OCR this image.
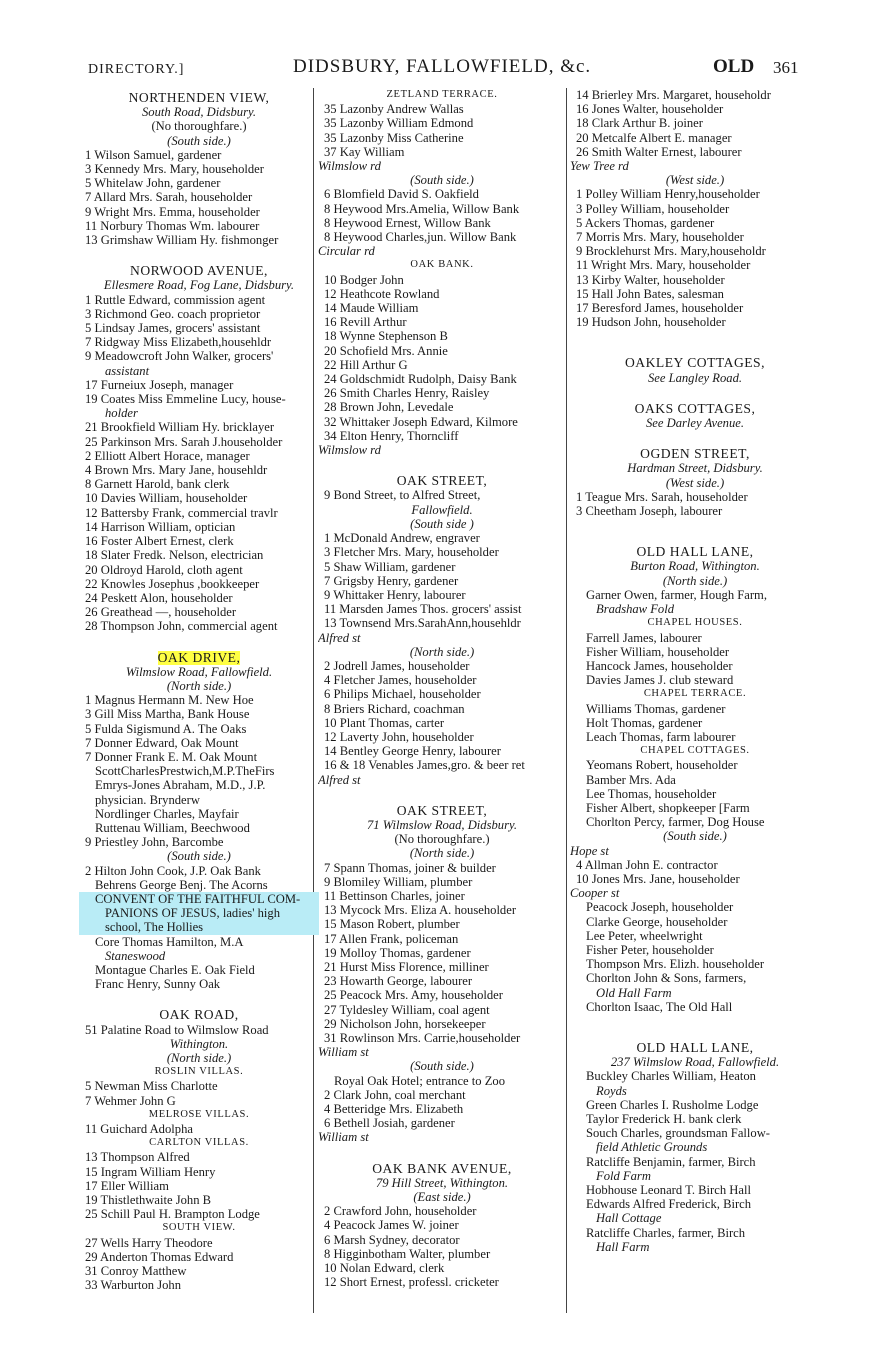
DIRECTORY.]	DIDSBURY, FALLOWFIELD, &c.	OLD 361
NORTHENDEN VIEW,
South Road, Didsbury.
(No thoroughfare.)
(South side.)
1 Wilson Samuel, gardener
3 Kennedy Mrs. Mary, householder
5 Whitelaw John, gardener
7 Allard Mrs. Sarah, householder
9 Wright Mrs. Emma, householder
11 Norbury Thomas Wm. labourer
13 Grimshaw William Hy. fishmonger
NORWOOD AVENUE,
Ellesmere Road, Fog Lane, Didsbury.
1 Ruttle Edward, commission agent
3 Richmond Geo. coach proprietor
5 Lindsay James, grocers' assistant
7 Ridgway Miss Elizabeth,househldr
9 Meadowcroft John Walker, grocers'
assistant
17 Furneiux Joseph, manager
19 Coates Miss Emmeline Lucy, house-
holder
21 Brookfield William Hy. bricklayer
25 Parkinson Mrs. Sarah J.householder
2 Elliott Albert Horace, manager
4 Brown Mrs. Mary Jane, househldr
8 Garnett Harold, bank clerk
10 Davies William, householder
12 Battersby Frank, commercial travlr
14 Harrison William, optician
16 Foster Albert Ernest, clerk
18 Slater Fredk. Nelson, electrician
20 Oldroyd Harold, cloth agent
22 Knowles Josephus ,bookkeeper
24 Peskett Alon, householder
26 Greathead —, householder
28 Thompson John, commercial agent
OAK DRIVE,
Wilmslow Road, Fallowfield.
(North side.)
1 Magnus Hermann M. New Hoe
3 Gill Miss Martha, Bank House
5 Fulda Sigismund A. The Oaks
7 Donner Edward, Oak Mount
7 Donner Frank E. M. Oak Mount
ScottCharlesPrestwich,M.P.TheFirs
Emrys-Jones Abraham, M.D., J.P.
physician. Brynderw
Nordlinger Charles, Mayfair
Ruttenau William, Beechwood
9 Priestley John, Barcombe
(South side.)
2 Hilton John Cook, J.P. Oak Bank
Behrens George Benj. The Acorns
CONVENT OF THE FAITHFUL COM-
PANIONS OF JESUS, ladies' high
school, The Hollies
Core Thomas Hamilton, M.A
Staneswood
Montague Charles E. Oak Field
Franc Henry, Sunny Oak
OAK ROAD,
51 Palatine Road to Wilmslow Road
Withington.
(North side.)
ROSLIN VILLAS.
5 Newman Miss Charlotte
7 Wehmer John G
MELROSE VILLAS.
11 Guichard Adolpha
CARLTON VILLAS.
13 Thompson Alfred
15 Ingram William Henry
17 Eller William
19 Thistlethwaite John B
25 Schill Paul H. Brampton Lodge
SOUTH VIEW.
27 Wells Harry Theodore
29 Anderton Thomas Edward
31 Conroy Matthew
33 Warburton John
ZETLAND TERRACE.
35 Lazonby Andrew Wallas
35 Lazonby William Edmond
35 Lazonby Miss Catherine
37 Kay William
Wilmslow rd
(South side.)
6 Blomfield David S. Oakfield
8 Heywood Mrs.Amelia, Willow Bank
8 Heywood Ernest, Willow Bank
8 Heywood Charles,jun. Willow Bank
Circular rd
OAK BANK.
10 Bodger John
12 Heathcote Rowland
14 Maude William
16 Revill Arthur
18 Wynne Stephenson B
20 Schofield Mrs. Annie
22 Hill Arthur G
24 Goldschmidt Rudolph, Daisy Bank
26 Smith Charles Henry, Raisley
28 Brown John, Levedale
32 Whittaker Joseph Edward, Kilmore
34 Elton Henry, Thorncliff
Wilmslow rd
OAK STREET,
9 Bond Street, to Alfred Street,
Fallowfield.
(South side )
1 McDonald Andrew, engraver
3 Fletcher Mrs. Mary, householder
5 Shaw William, gardener
7 Grigsby Henry, gardener
9 Whittaker Henry, labourer
11 Marsden James Thos. grocers' assist
13 Townsend Mrs.SarahAnn,househldr
Alfred st
(North side.)
2 Jodrell James, householder
4 Fletcher James, householder
6 Philips Michael, householder
8 Briers Richard, coachman
10 Plant Thomas, carter
12 Laverty John, householder
14 Bentley George Henry, labourer
16 & 18 Venables James,gro. & beer ret
Alfred st
OAK STREET,
71 Wilmslow Road, Didsbury.
(No thoroughfare.)
(North side.)
7 Spann Thomas, joiner & builder
9 Blomiley William, plumber
11 Bettinson Charles, joiner
13 Mycock Mrs. Eliza A. householder
15 Mason Robert, plumber
17 Allen Frank, policeman
19 Molloy Thomas, gardener
21 Hurst Miss Florence, milliner
23 Howarth George, labourer
25 Peacock Mrs. Amy, householder
27 Tyldesley William, coal agent
29 Nicholson John, horsekeeper
31 Rowlinson Mrs. Carrie,householder
William st
(South side.)
Royal Oak Hotel; entrance to Zoo
2 Clark John, coal merchant
4 Betteridge Mrs. Elizabeth
6 Bethell Josiah, gardener
William st
OAK BANK AVENUE,
79 Hill Street, Withington.
(East side.)
2 Crawford John, householder
4 Peacock James W. joiner
6 Marsh Sydney, decorator
8 Higginbotham Walter, plumber
10 Nolan Edward, clerk
12 Short Ernest, professl. cricketer
14 Brierley Mrs. Margaret, householdr
16 Jones Walter, householder
18 Clark Arthur B. joiner
20 Metcalfe Albert E. manager
26 Smith Walter Ernest, labourer
Yew Tree rd
(West side.)
1 Polley William Henry,householder
3 Polley William, householder
5 Ackers Thomas, gardener
7 Morris Mrs. Mary, householder
9 Brocklehurst Mrs. Mary,householdr
11 Wright Mrs. Mary, householder
13 Kirby Walter, householder
15 Hall John Bates, salesman
17 Beresford James, householder
19 Hudson John, householder
OAKLEY COTTAGES,
See Langley Road.
OAKS COTTAGES,
See Darley Avenue.
OGDEN STREET,
Hardman Street, Didsbury.
(West side.)
1 Teague Mrs. Sarah, householder
3 Cheetham Joseph, labourer
OLD HALL LANE,
Burton Road, Withington.
(North side.)
Garner Owen, farmer, Hough Farm,
Bradshaw Fold
CHAPEL HOUSES.
Farrell James, labourer
Fisher William, householder
Hancock James, householder
Davies James J. club steward
CHAPEL TERRACE.
Williams Thomas, gardener
Holt Thomas, gardener
Leach Thomas, farm labourer
CHAPEL COTTAGES.
Yeomans Robert, householder
Bamber Mrs. Ada
Lee Thomas, householder
Fisher Albert, shopkeeper [Farm
Chorlton Percy, farmer, Dog House
(South side.)
Hope st
4 Allman John E. contractor
10 Jones Mrs. Jane, householder
Cooper st
Peacock Joseph, householder
Clarke George, householder
Lee Peter, wheelwright
Fisher Peter, householder
Thompson Mrs. Elizh. householder
Chorlton John & Sons, farmers,
Old Hall Farm
Chorlton Isaac, The Old Hall
OLD HALL LANE,
237 Wilmslow Road, Fallowfield.
Buckley Charles William, Heaton
Royds
Green Charles I. Rusholme Lodge
Taylor Frederick H. bank clerk
Souch Charles, groundsman Fallow-
field Athletic Grounds
Ratcliffe Benjamin, farmer, Birch
Fold Farm
Hobhouse Leonard T. Birch Hall
Edwards Alfred Frederick, Birch
Hall Cottage
Ratcliffe Charles, farmer, Birch
Hall Farm
